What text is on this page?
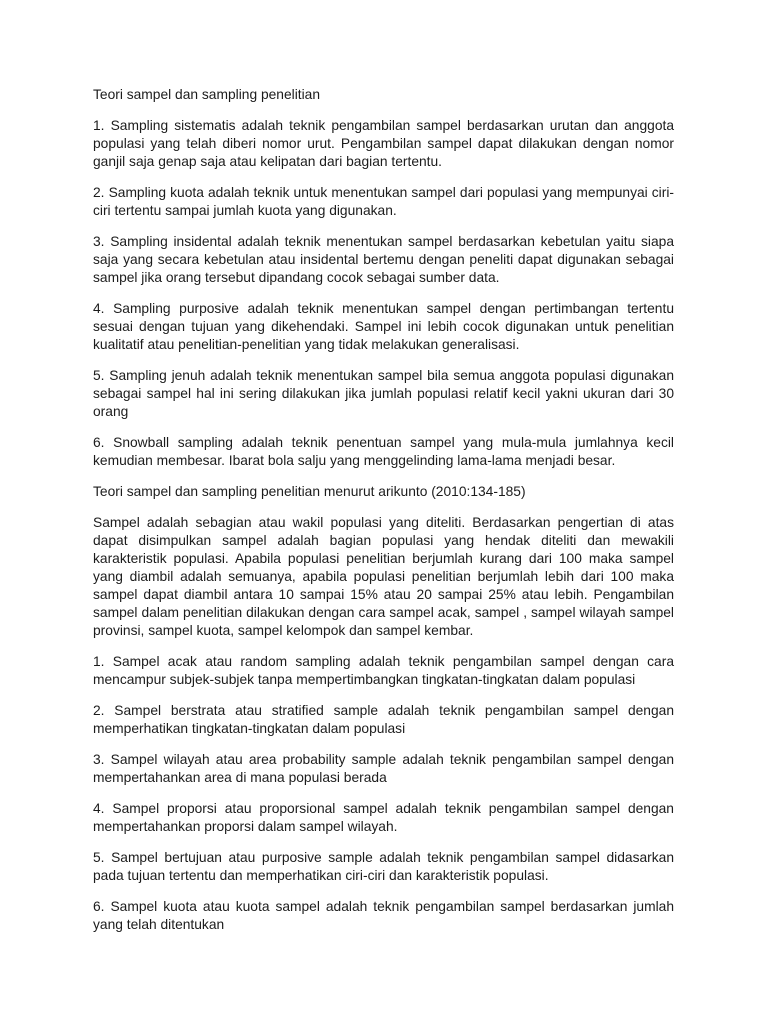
Teori sampel dan sampling penelitian

1. Sampling sistematis adalah teknik pengambilan sampel berdasarkan urutan dan anggota populasi yang telah diberi nomor urut. Pengambilan sampel dapat dilakukan dengan nomor ganjil saja genap saja atau kelipatan dari bagian tertentu.

2. Sampling kuota adalah teknik untuk menentukan sampel dari populasi yang mempunyai ciri-ciri tertentu sampai jumlah kuota yang digunakan.

3. Sampling insidental adalah teknik menentukan sampel berdasarkan kebetulan yaitu siapa saja yang secara kebetulan atau insidental bertemu dengan peneliti dapat digunakan sebagai sampel jika orang tersebut dipandang cocok sebagai sumber data.

4. Sampling purposive adalah teknik menentukan sampel dengan pertimbangan tertentu sesuai dengan tujuan yang dikehendaki. Sampel ini lebih cocok digunakan untuk penelitian kualitatif atau penelitian-penelitian yang tidak melakukan generalisasi.

5. Sampling jenuh adalah teknik menentukan sampel bila semua anggota populasi digunakan sebagai sampel hal ini sering dilakukan jika jumlah populasi relatif kecil yakni ukuran dari 30 orang

6. Snowball sampling adalah teknik penentuan sampel yang mula-mula jumlahnya kecil kemudian membesar. Ibarat bola salju yang menggelinding lama-lama menjadi besar.

Teori sampel dan sampling penelitian menurut arikunto (2010:134-185)

Sampel adalah sebagian atau wakil populasi yang diteliti. Berdasarkan pengertian di atas dapat disimpulkan sampel adalah bagian populasi yang hendak diteliti dan mewakili karakteristik populasi. Apabila populasi penelitian berjumlah kurang dari 100 maka sampel yang diambil adalah semuanya, apabila populasi penelitian berjumlah lebih dari 100 maka sampel dapat diambil antara 10 sampai 15% atau 20 sampai 25% atau lebih. Pengambilan sampel dalam penelitian dilakukan dengan cara sampel acak, sampel , sampel wilayah sampel provinsi, sampel kuota, sampel kelompok dan sampel kembar.

1. Sampel acak atau random sampling adalah teknik pengambilan sampel dengan cara mencampur subjek-subjek tanpa mempertimbangkan tingkatan-tingkatan dalam populasi

2. Sampel berstrata atau stratified sample adalah teknik pengambilan sampel dengan memperhatikan tingkatan-tingkatan dalam populasi

3. Sampel wilayah atau area probability sample adalah teknik pengambilan sampel dengan mempertahankan area di mana populasi berada

4. Sampel proporsi atau proporsional sampel adalah teknik pengambilan sampel dengan mempertahankan proporsi dalam sampel wilayah.

5. Sampel bertujuan atau purposive sample adalah teknik pengambilan sampel didasarkan pada tujuan tertentu dan memperhatikan ciri-ciri dan karakteristik populasi.

6. Sampel kuota atau kuota sampel adalah teknik pengambilan sampel berdasarkan jumlah yang telah ditentukan
